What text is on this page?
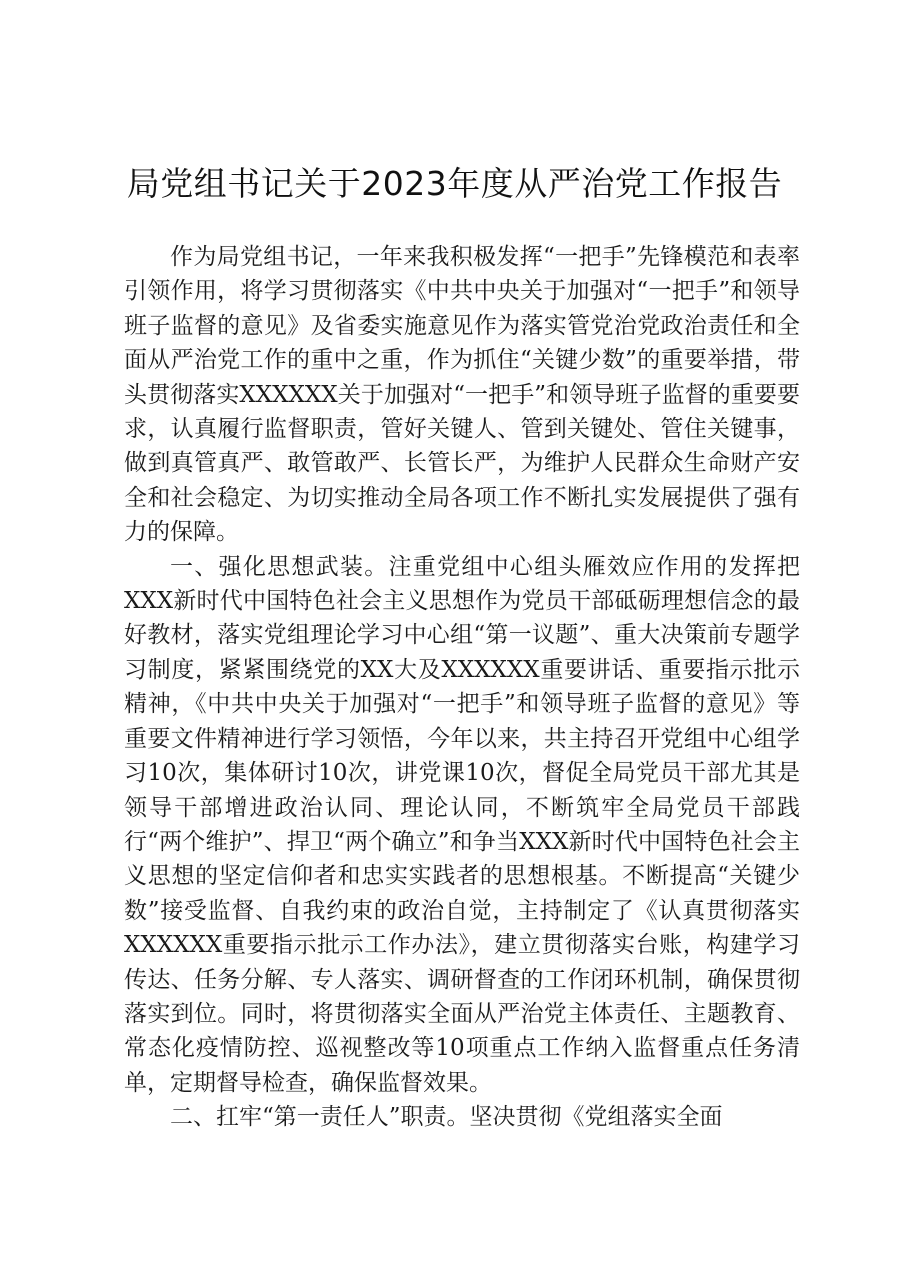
局党组书记关于2023年度从严治党工作报告

作为局党组书记，一年来我积极发挥“一把手”先锋模范和表率引领作用，将学习贯彻落实《中共中央关于加强对“一把手”和领导班子监督的意见》及省委实施意见作为落实管党治党政治责任和全面从严治党工作的重中之重，作为抓住“关键少数”的重要举措，带头贯彻落实XXXXXX关于加强对“一把手”和领导班子监督的重要要求，认真履行监督职责，管好关键人、管到关键处、管住关键事，做到真管真严、敢管敢严、长管长严，为维护人民群众生命财产安全和社会稳定、为切实推动全局各项工作不断扎实发展提供了强有力的保障。

一、强化思想武装。注重党组中心组头雁效应作用的发挥把XXX新时代中国特色社会主义思想作为党员干部砥砺理想信念的最好教材，落实党组理论学习中心组“第一议题”、重大决策前专题学习制度，紧紧围绕党的XX大及XXXXXX重要讲话、重要指示批示精神，《中共中央关于加强对“一把手”和领导班子监督的意见》等重要文件精神进行学习领悟，今年以来，共主持召开党组中心组学习10次，集体研讨10次，讲党课10次，督促全局党员干部尤其是领导干部增进政治认同、理论认同，不断筑牢全局党员干部践行“两个维护”、捍卫“两个确立”和争当XXX新时代中国特色社会主义思想的坚定信仰者和忠实实践者的思想根基。不断提高“关键少数”接受监督、自我约束的政治自觉，主持制定了《认真贯彻落实XXXXXX重要指示批示工作办法》，建立贯彻落实台账，构建学习传达、任务分解、专人落实、调研督查的工作闭环机制，确保贯彻落实到位。同时，将贯彻落实全面从严治党主体责任、主题教育、常态化疫情防控、巡视整改等10项重点工作纳入监督重点任务清单，定期督导检查，确保监督效果。

二、扛牢“第一责任人”职责。坚决贯彻《党组落实全面
